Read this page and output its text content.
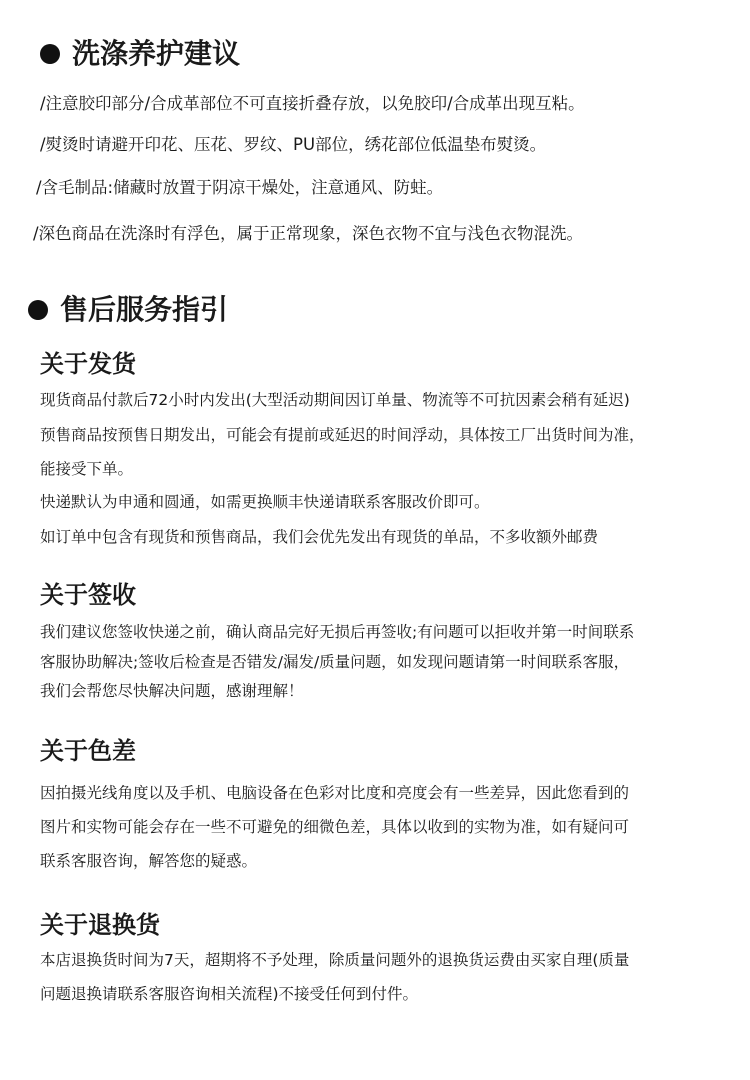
洗涤养护建议
/注意胶印部分/合成革部位不可直接折叠存放，以免胶印/合成革出现互粘。
/熨烫时请避开印花、压花、罗纹、PU部位，绣花部位低温垫布熨烫。
/含毛制品:储藏时放置于阴凉干燥处，注意通风、防蛀。
/深色商品在洗涤时有浮色，属于正常现象，深色衣物不宜与浅色衣物混洗。
售后服务指引
关于发货
现货商品付款后72小时内发出(大型活动期间因订单量、物流等不可抗因素会稍有延迟)
预售商品按预售日期发出，可能会有提前或延迟的时间浮动，具体按工厂出货时间为准，
能接受下单。
快递默认为申通和圆通，如需更换顺丰快递请联系客服改价即可。
如订单中包含有现货和预售商品，我们会优先发出有现货的单品，不多收额外邮费
关于签收
我们建议您签收快递之前，确认商品完好无损后再签收;有问题可以拒收并第一时间联系
客服协助解决;签收后检查是否错发/漏发/质量问题，如发现问题请第一时间联系客服，
我们会帮您尽快解决问题，感谢理解！
关于色差
因拍摄光线角度以及手机、电脑设备在色彩对比度和亮度会有一些差异，因此您看到的
图片和实物可能会存在一些不可避免的细微色差，具体以收到的实物为准，如有疑问可
联系客服咨询，解答您的疑惑。
关于退换货
本店退换货时间为7天，超期将不予处理，除质量问题外的退换货运费由买家自理(质量
问题退换请联系客服咨询相关流程)不接受任何到付件。
